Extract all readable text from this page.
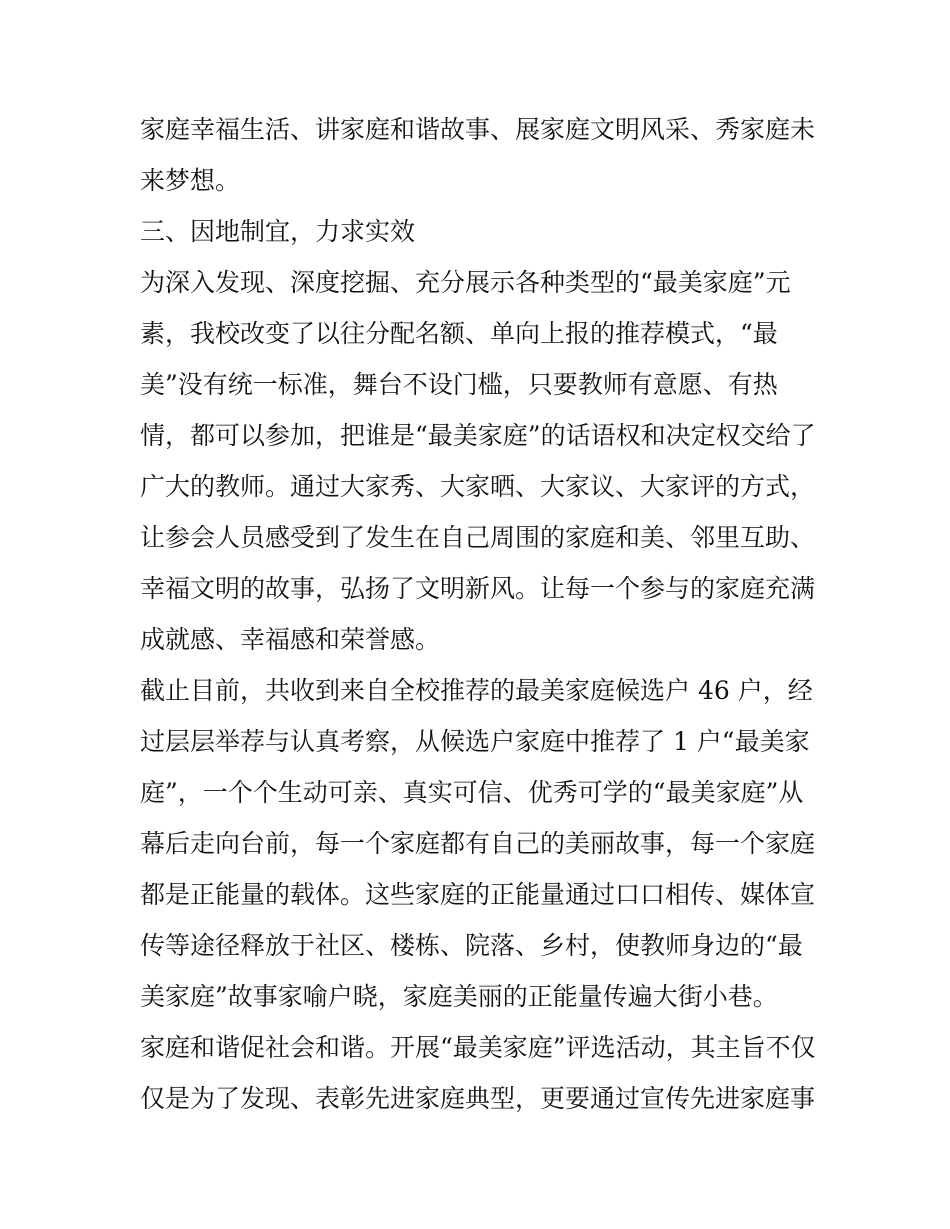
家庭幸福生活、讲家庭和谐故事、展家庭文明风采、秀家庭未
来梦想。
三、因地制宜，力求实效
为深入发现、深度挖掘、充分展示各种类型的“最美家庭”元
素，我校改变了以往分配名额、单向上报的推荐模式，“最
美”没有统一标准，舞台不设门槛，只要教师有意愿、有热
情，都可以参加，把谁是“最美家庭”的话语权和决定权交给了
广大的教师。通过大家秀、大家晒、大家议、大家评的方式，
让参会人员感受到了发生在自己周围的家庭和美、邻里互助、
幸福文明的故事，弘扬了文明新风。让每一个参与的家庭充满
成就感、幸福感和荣誉感。
截止目前，共收到来自全校推荐的最美家庭候选户 46 户，经
过层层举荐与认真考察，从候选户家庭中推荐了 1 户“最美家
庭”，一个个生动可亲、真实可信、优秀可学的“最美家庭”从
幕后走向台前，每一个家庭都有自己的美丽故事，每一个家庭
都是正能量的载体。这些家庭的正能量通过口口相传、媒体宣
传等途径释放于社区、楼栋、院落、乡村，使教师身边的“最
美家庭”故事家喻户晓，家庭美丽的正能量传遍大街小巷。
家庭和谐促社会和谐。开展“最美家庭”评选活动，其主旨不仅
仅是为了发现、表彰先进家庭典型，更要通过宣传先进家庭事
